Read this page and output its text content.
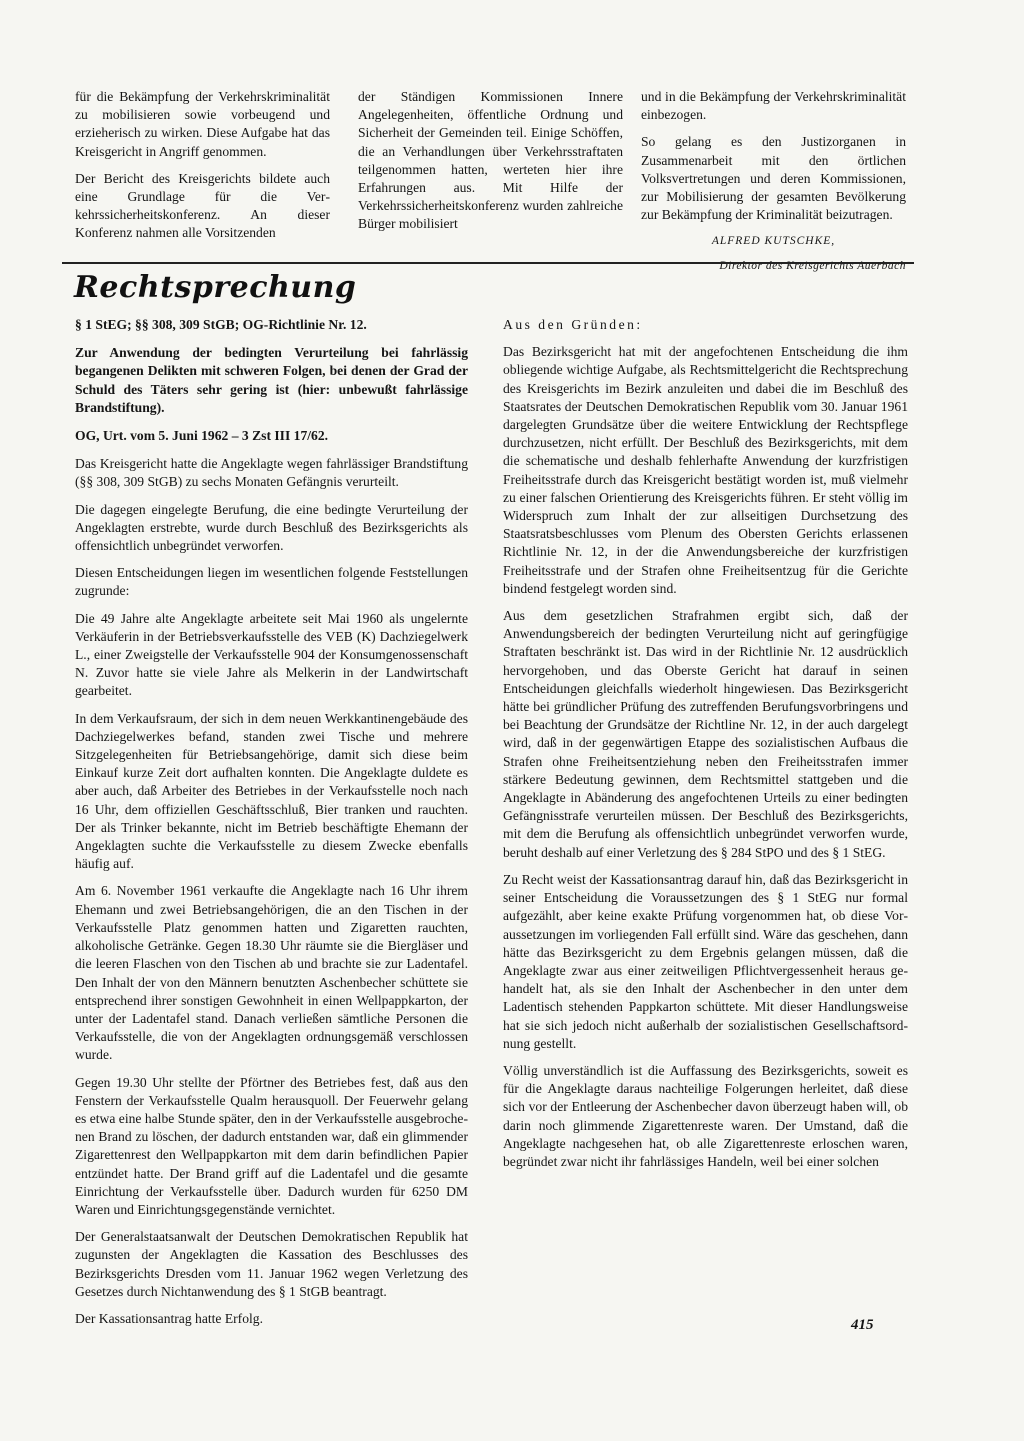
für die Bekämpfung der Verkehrskriminalität zu mobilisieren sowie vorbeugend und erzieherisch zu wirken. Diese Aufgabe hat das Kreisgericht in Angriff genommen.

Der Bericht des Kreisgerichts bildete auch eine Grundlage für die Verkehrssicherheitskonferenz. An dieser Konferenz nahmen alle Vorsitzenden

der Ständigen Kommissionen Innere Angelegenheiten, öffentliche Ordnung und Sicherheit der Gemeinden teil. Einige Schöffen, die an Verhandlungen über Verkehrsstraftaten teilgenommen hatten, werteten hier ihre Erfahrungen aus. Mit Hilfe der Verkehrssicherheitskonferenz wurden zahlreiche Bürger mobilisiert

und in die Bekämpfung der Verkehrskriminalität einbezogen.

So gelang es den Justizorganen in Zusammenarbeit mit den örtlichen Volksvertretungen und deren Kommissionen, zur Mobilisierung der gesamten Bevölkerung zur Bekämpfung der Kriminalität beizutragen.

ALFRED KUTSCHKE,

Direktor des Kreisgerichts Auerbach

Rechtsprechung

§ 1 StEG; §§ 308, 309 StGB; OG-Richtlinie Nr. 12.

Zur Anwendung der bedingten Verurteilung bei fahrlässig begangenen Delikten mit schweren Folgen, bei denen der Grad der Schuld des Täters sehr gering ist (hier: unbewußt fahrlässige Brandstiftung).

OG, Urt. vom 5. Juni 1962 – 3 Zst III 17/62.

Das Kreisgericht hatte die Angeklagte wegen fahrlässiger Brandstiftung (§§ 308, 309 StGB) zu sechs Monaten Gefängnis verurteilt.

Die dagegen eingelegte Berufung, die eine bedingte Verurteilung der Angeklagten erstrebte, wurde durch Beschluß des Bezirksgerichts als offensichtlich unbegründet verworfen.

Diesen Entscheidungen liegen im wesentlichen folgende Feststellungen zugrunde:

Die 49 Jahre alte Angeklagte arbeitete seit Mai 1960 als ungelernte Verkäuferin in der Betriebsverkaufsstelle des VEB (K) Dachziegelwerk L., einer Zweigstelle der Verkaufsstelle 904 der Konsumgenossenschaft N. Zuvor hatte sie viele Jahre als Melkerin in der Landwirtschaft gearbeitet.

In dem Verkaufsraum, der sich in dem neuen Werkkantinengebäude des Dachziegelwerkes befand, standen zwei Tische und mehrere Sitzgelegenheiten für Betriebsangehörige, damit sich diese beim Einkauf kurze Zeit dort aufhalten konnten. Die Angeklagte duldete es aber auch, daß Arbeiter des Betriebes in der Verkaufsstelle noch nach 16 Uhr, dem offiziellen Geschäftsschluß, Bier tranken und rauchten. Der als Trinker bekannte, nicht im Betrieb beschäftigte Ehemann der Angeklagten suchte die Verkaufsstelle zu diesem Zwecke ebenfalls häufig auf.

Am 6. November 1961 verkaufte die Angeklagte nach 16 Uhr ihrem Ehemann und zwei Betriebsangehörigen, die an den Tischen in der Verkaufsstelle Platz genommen hatten und Zigaretten rauchten, alkoholische Getränke. Gegen 18.30 Uhr räumte sie die Biergläser und die leeren Flaschen von den Tischen ab und brachte sie zur Ladentafel. Den Inhalt der von den Männern benutzten Aschenbecher schüttete sie entsprechend ihrer sonstigen Gewohnheit in einen Wellpappkarton, der unter der Ladentafel stand. Danach verließen sämtliche Personen die Verkaufsstelle, die von der Angeklagten ordnungsgemäß verschlossen wurde.

Gegen 19.30 Uhr stellte der Pförtner des Betriebes fest, daß aus den Fenstern der Verkaufsstelle Qualm herausquoll. Der Feuerwehr gelang es etwa eine halbe Stunde später, den in der Verkaufsstelle ausgebrochenen Brand zu löschen, der dadurch entstanden war, daß ein glimmender Zigarettenrest den Wellpappkarton mit dem darin befindlichen Papier entzündet hatte. Der Brand griff auf die Ladentafel und die gesamte Einrichtung der Verkaufsstelle über. Dadurch wurden für 6250 DM Waren und Einrichtungsgegenstände vernichtet.

Der Generalstaatsanwalt der Deutschen Demokratischen Republik hat zugunsten der Angeklagten die Kassation des Beschlusses des Bezirksgerichts Dresden vom 11. Januar 1962 wegen Verletzung des Gesetzes durch Nichtanwendung des § 1 StGB beantragt.

Der Kassationsantrag hatte Erfolg.

Aus den Gründen:

Das Bezirksgericht hat mit der angefochtenen Entscheidung die ihm obliegende wichtige Aufgabe, als Rechtsmittelgericht die Rechtsprechung des Kreisgerichts im Bezirk anzuleiten und dabei die im Beschluß des Staatsrates der Deutschen Demokratischen Republik vom 30. Januar 1961 dargelegten Grundsätze über die weitere Entwicklung der Rechtspflege durchzusetzen, nicht erfüllt. Der Beschluß des Bezirksgerichts, mit dem die schematische und deshalb fehlerhafte Anwendung der kurzfristigen Freiheitsstrafe durch das Kreisgericht bestätigt worden ist, muß vielmehr zu einer falschen Orientierung des Kreisgerichts führen. Er steht völlig im Widerspruch zum Inhalt der zur allseitigen Durchsetzung des Staatsratsbeschlusses vom Plenum des Obersten Gerichts erlassenen Richtlinie Nr. 12, in der die Anwendungsbereiche der kurzfristigen Freiheitsstrafe und der Strafen ohne Freiheitsentzug für die Gerichte bindend festgelegt worden sind.

Aus dem gesetzlichen Strafrahmen ergibt sich, daß der Anwendungsbereich der bedingten Verurteilung nicht auf geringfügige Straftaten beschränkt ist. Das wird in der Richtlinie Nr. 12 ausdrücklich hervorgehoben, und das Oberste Gericht hat darauf in seinen Entscheidungen gleichfalls wiederholt hingewiesen. Das Bezirksgericht hätte bei gründlicher Prüfung des zutreffenden Berufungsvorbringens und bei Beachtung der Grundsätze der Richtline Nr. 12, in der auch dargelegt wird, daß in der gegenwärtigen Etappe des sozialistischen Aufbaus die Strafen ohne Freiheitsentziehung neben den Freiheitsstrafen immer stärkere Bedeutung gewinnen, dem Rechtsmittel stattgeben und die Angeklagte in Abänderung des angefochtenen Urteils zu einer bedingten Gefängnisstrafe verurteilen müssen. Der Beschluß des Bezirksgerichts, mit dem die Berufung als offensichtlich unbegründet verworfen wurde, beruht deshalb auf einer Verletzung des § 284 StPO und des § 1 StEG.

Zu Recht weist der Kassationsantrag darauf hin, daß das Bezirksgericht in seiner Entscheidung die Voraussetzungen des § 1 StEG nur formal aufgezählt, aber keine exakte Prüfung vorgenommen hat, ob diese Voraussetzungen im vorliegenden Fall erfüllt sind. Wäre das geschehen, dann hätte das Bezirksgericht zu dem Ergebnis gelangen müssen, daß die Angeklagte zwar aus einer zeitweiligen Pflichtvergessenheit heraus gehandelt hat, als sie den Inhalt der Aschenbecher in den unter dem Ladentisch stehenden Pappkarton schüttete. Mit dieser Handlungsweise hat sie sich jedoch nicht außerhalb der sozialistischen Gesellschaftsordnung gestellt.

Völlig unverständlich ist die Auffassung des Bezirksgerichts, soweit es für die Angeklagte daraus nachteilige Folgerungen herleitet, daß diese sich vor der Entleerung der Aschenbecher davon überzeugt haben will, ob darin noch glimmende Zigarettenreste waren. Der Umstand, daß die Angeklagte nachgesehen hat, ob alle Zigarettenreste erloschen waren, begründet zwar nicht ihr fahrlässiges Handeln, weil bei einer solchen

415
